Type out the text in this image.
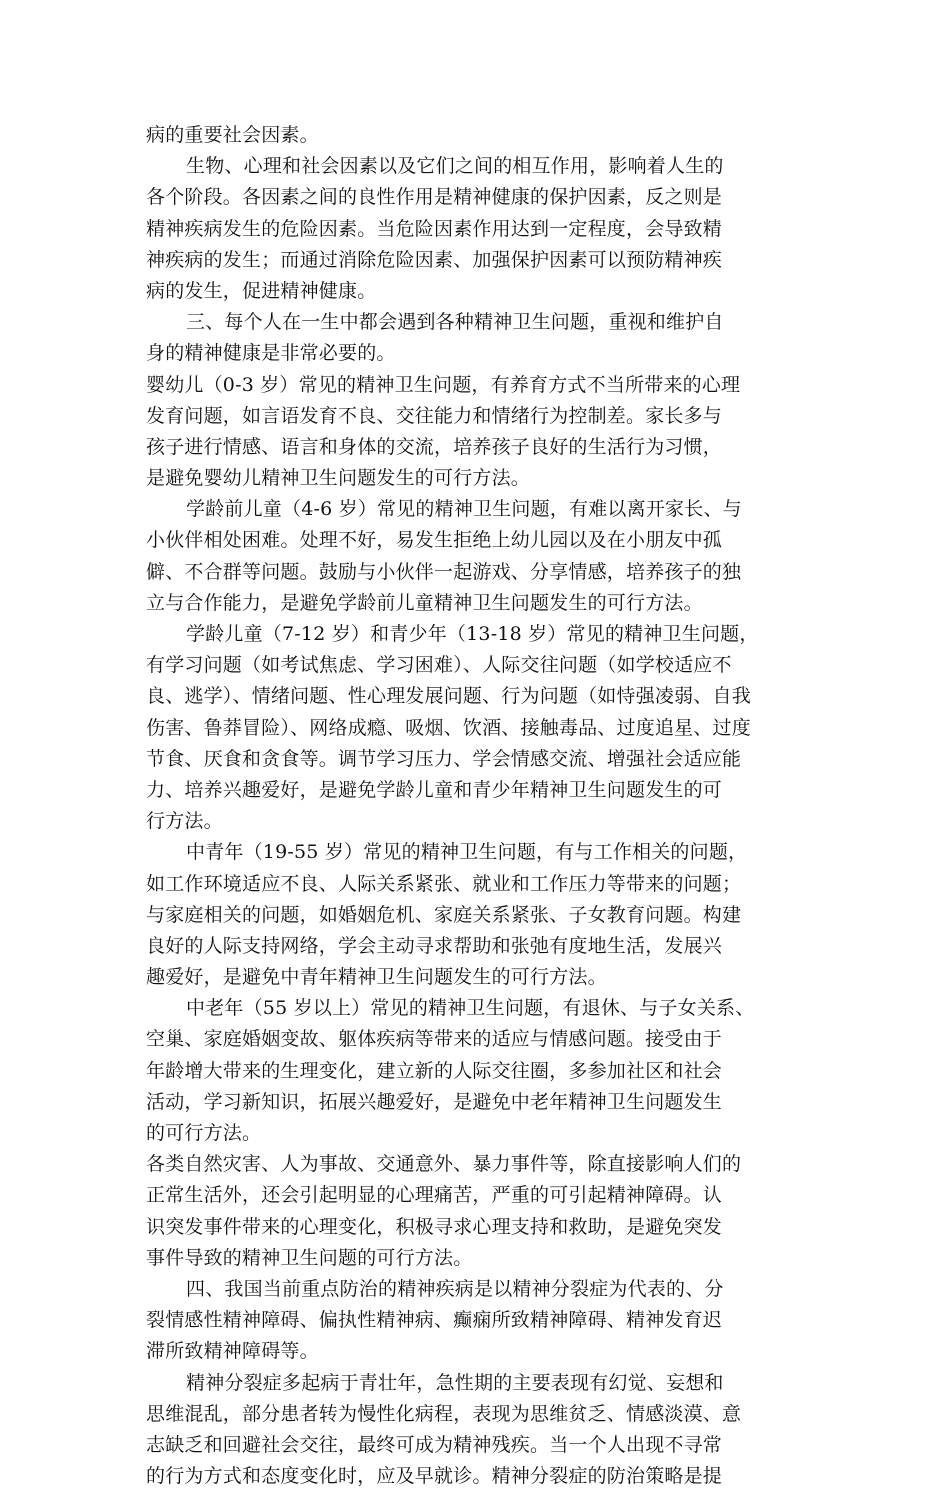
病的重要社会因素。
生物、心理和社会因素以及它们之间的相互作用，影响着人生的
各个阶段。各因素之间的良性作用是精神健康的保护因素，反之则是
精神疾病发生的危险因素。当危险因素作用达到一定程度，会导致精
神疾病的发生；而通过消除危险因素、加强保护因素可以预防精神疾
病的发生，促进精神健康。
三、每个人在一生中都会遇到各种精神卫生问题，重视和维护自
身的精神健康是非常必要的。
婴幼儿（0-3 岁）常见的精神卫生问题，有养育方式不当所带来的心理
发育问题，如言语发育不良、交往能力和情绪行为控制差。家长多与
孩子进行情感、语言和身体的交流，培养孩子良好的生活行为习惯，
是避免婴幼儿精神卫生问题发生的可行方法。
学龄前儿童（4-6 岁）常见的精神卫生问题，有难以离开家长、与
小伙伴相处困难。处理不好，易发生拒绝上幼儿园以及在小朋友中孤
僻、不合群等问题。鼓励与小伙伴一起游戏、分享情感，培养孩子的独
立与合作能力，是避免学龄前儿童精神卫生问题发生的可行方法。
学龄儿童（7-12 岁）和青少年（13-18 岁）常见的精神卫生问题，
有学习问题（如考试焦虑、学习困难）、人际交往问题（如学校适应不
良、逃学）、情绪问题、性心理发展问题、行为问题（如恃强凌弱、自我
伤害、鲁莽冒险）、网络成瘾、吸烟、饮酒、接触毒品、过度追星、过度
节食、厌食和贪食等。调节学习压力、学会情感交流、增强社会适应能
力、培养兴趣爱好，是避免学龄儿童和青少年精神卫生问题发生的可
行方法。
中青年（19-55 岁）常见的精神卫生问题，有与工作相关的问题，
如工作环境适应不良、人际关系紧张、就业和工作压力等带来的问题；
与家庭相关的问题，如婚姻危机、家庭关系紧张、子女教育问题。构建
良好的人际支持网络，学会主动寻求帮助和张弛有度地生活，发展兴
趣爱好，是避免中青年精神卫生问题发生的可行方法。
中老年（55 岁以上）常见的精神卫生问题，有退休、与子女关系、
空巢、家庭婚姻变故、躯体疾病等带来的适应与情感问题。接受由于
年龄增大带来的生理变化，建立新的人际交往圈，多参加社区和社会
活动，学习新知识，拓展兴趣爱好，是避免中老年精神卫生问题发生
的可行方法。
各类自然灾害、人为事故、交通意外、暴力事件等，除直接影响人们的
正常生活外，还会引起明显的心理痛苦，严重的可引起精神障碍。认
识突发事件带来的心理变化，积极寻求心理支持和救助，是避免突发
事件导致的精神卫生问题的可行方法。
四、我国当前重点防治的精神疾病是以精神分裂症为代表的、分
裂情感性精神障碍、偏执性精神病、癫痫所致精神障碍、精神发育迟
滞所致精神障碍等。
精神分裂症多起病于青壮年，急性期的主要表现有幻觉、妄想和
思维混乱，部分患者转为慢性化病程，表现为思维贫乏、情感淡漠、意
志缺乏和回避社会交往，最终可成为精神残疾。当一个人出现不寻常
的行为方式和态度变化时，应及早就诊。精神分裂症的防治策略是提
